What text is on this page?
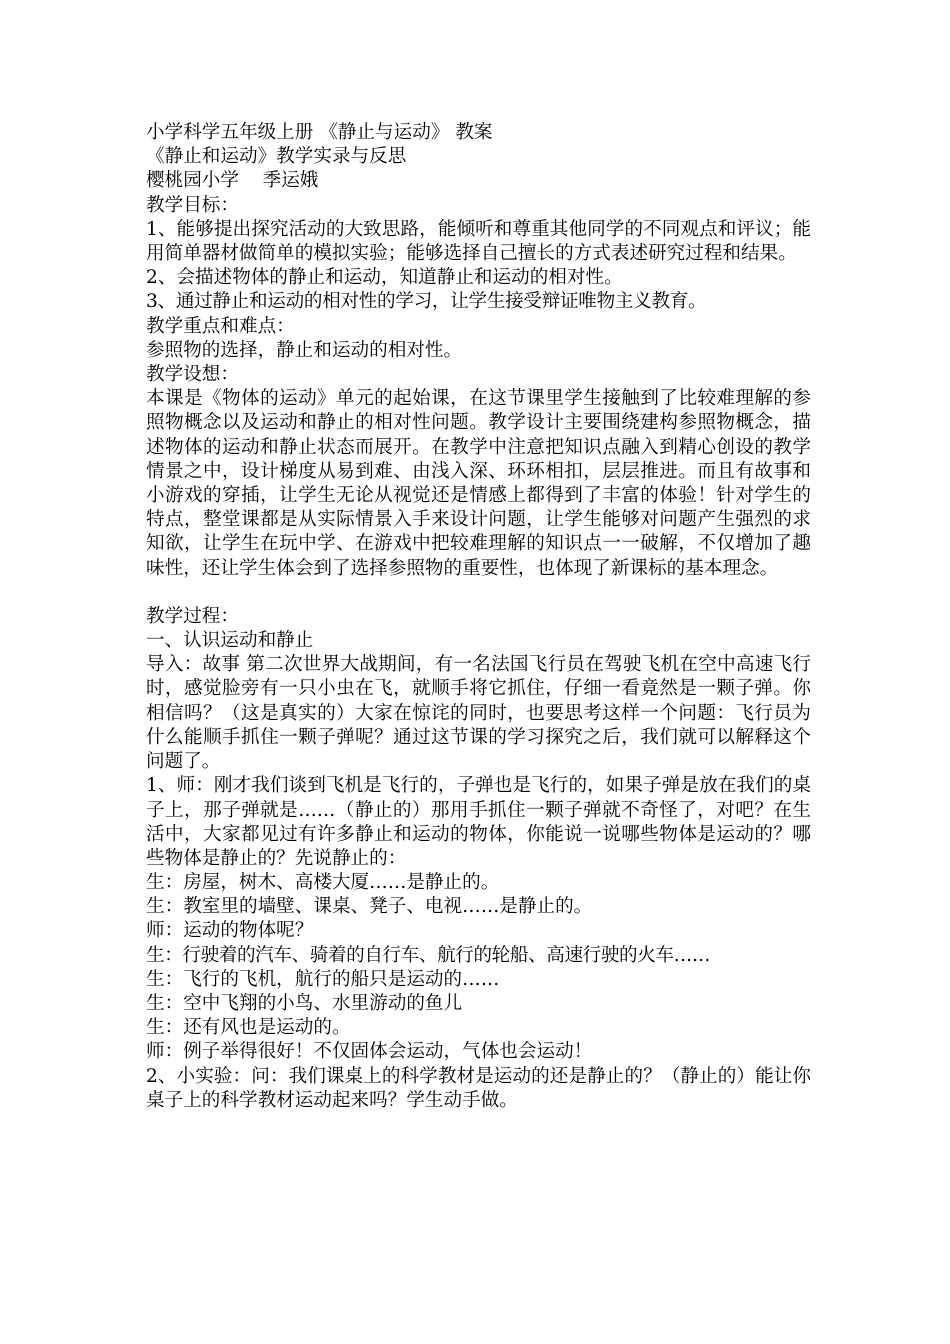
小学科学五年级上册 《静止与运动》 教案
《静止和运动》教学实录与反思
樱桃园小学    季运娥
教学目标：
1、能够提出探究活动的大致思路，能倾听和尊重其他同学的不同观点和评议；能用简单器材做简单的模拟实验；能够选择自己擅长的方式表述研究过程和结果。
2、会描述物体的静止和运动，知道静止和运动的相对性。
3、通过静止和运动的相对性的学习，让学生接受辩证唯物主义教育。
教学重点和难点：
参照物的选择，静止和运动的相对性。
教学设想：
本课是《物体的运动》单元的起始课，在这节课里学生接触到了比较难理解的参照物概念以及运动和静止的相对性问题。教学设计主要围绕建构参照物概念，描述物体的运动和静止状态而展开。在教学中注意把知识点融入到精心创设的教学情景之中，设计梯度从易到难、由浅入深、环环相扣，层层推进。而且有故事和小游戏的穿插，让学生无论从视觉还是情感上都得到了丰富的体验！针对学生的特点，整堂课都是从实际情景入手来设计问题，让学生能够对问题产生强烈的求知欲，让学生在玩中学、在游戏中把较难理解的知识点一一破解，不仅增加了趣味性，还让学生体会到了选择参照物的重要性，也体现了新课标的基本理念。
教学过程：
一、认识运动和静止
导入：故事 第二次世界大战期间，有一名法国飞行员在驾驶飞机在空中高速飞行时，感觉脸旁有一只小虫在飞，就顺手将它抓住，仔细一看竟然是一颗子弹。你相信吗？（这是真实的）大家在惊诧的同时，也要思考这样一个问题：飞行员为什么能顺手抓住一颗子弹呢？通过这节课的学习探究之后，我们就可以解释这个问题了。
1、师：刚才我们谈到飞机是飞行的，子弹也是飞行的，如果子弹是放在我们的桌子上，那子弹就是……（静止的）那用手抓住一颗子弹就不奇怪了，对吧？在生活中，大家都见过有许多静止和运动的物体，你能说一说哪些物体是运动的？哪些物体是静止的？先说静止的：
生：房屋，树木、高楼大厦……是静止的。
生：教室里的墙壁、课桌、凳子、电视……是静止的。
师：运动的物体呢？
生：行驶着的汽车、骑着的自行车、航行的轮船、高速行驶的火车……
生：飞行的飞机，航行的船只是运动的……
生：空中飞翔的小鸟、水里游动的鱼儿
生：还有风也是运动的。
师：例子举得很好！不仅固体会运动，气体也会运动！
2、小实验：问：我们课桌上的科学教材是运动的还是静止的？（静止的）能让你桌子上的科学教材运动起来吗？学生动手做。
